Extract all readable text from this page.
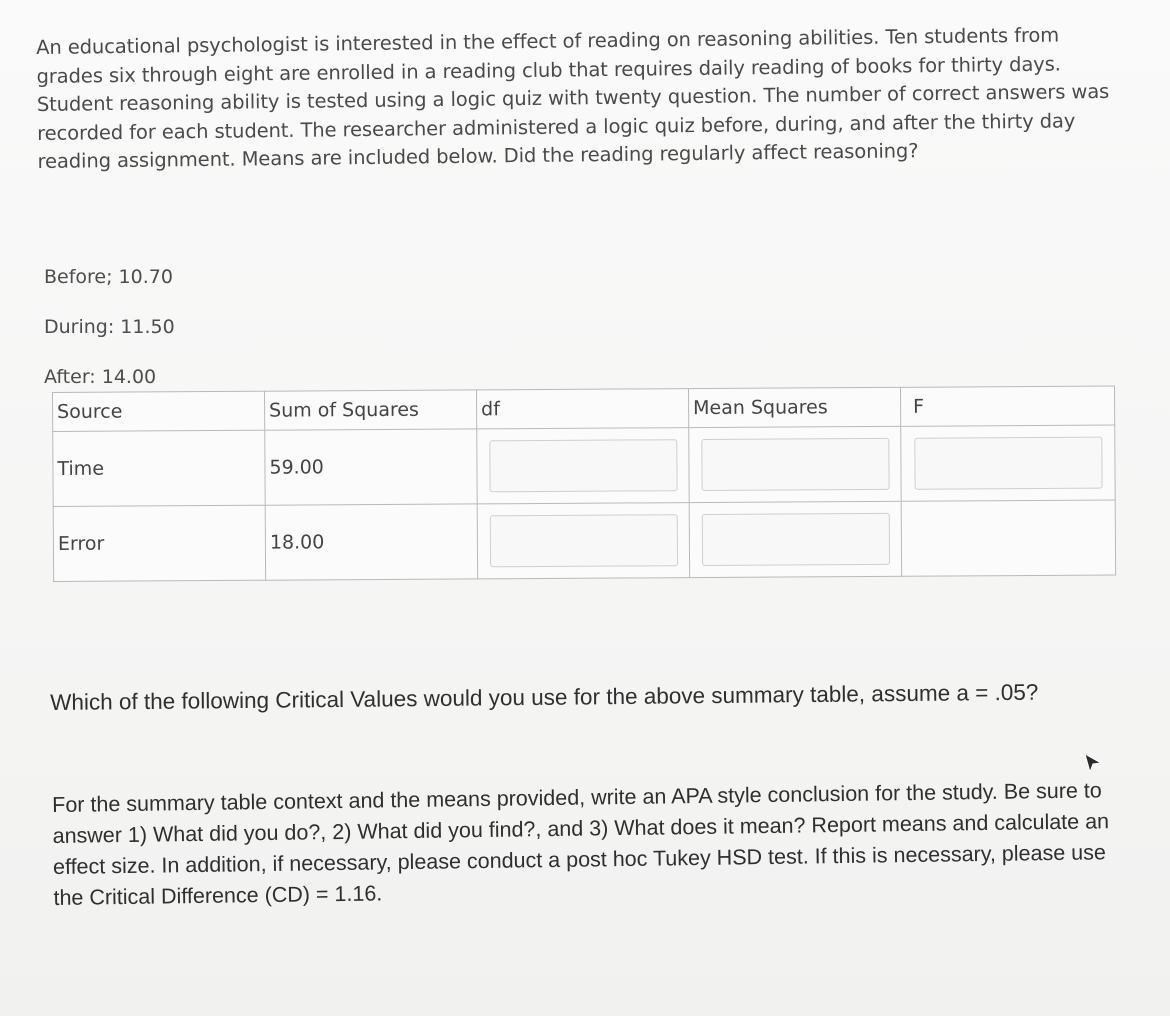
An educational psychologist is interested in the effect of reading on reasoning abilities. Ten students from grades six through eight are enrolled in a reading club that requires daily reading of books for thirty days. Student reasoning ability is tested using a logic quiz with twenty question. The number of correct answers was recorded for each student. The researcher administered a logic quiz before, during, and after the thirty day reading assignment. Means are included below. Did the reading regularly affect reasoning?
Before; 10.70
During: 11.50
After: 14.00
Source	Sum of Squares	df	Mean Squares	F
Time	59.00	

Error	18.00	

Which of the following Critical Values would you use for the above summary table, assume a = .05?
For the summary table context and the means provided, write an APA style conclusion for the study. Be sure to answer 1) What did you do?, 2) What did you find?, and 3) What does it mean? Report means and calculate an effect size. In addition, if necessary, please conduct a post hoc Tukey HSD test. If this is necessary, please use the Critical Difference (CD) = 1.16.
